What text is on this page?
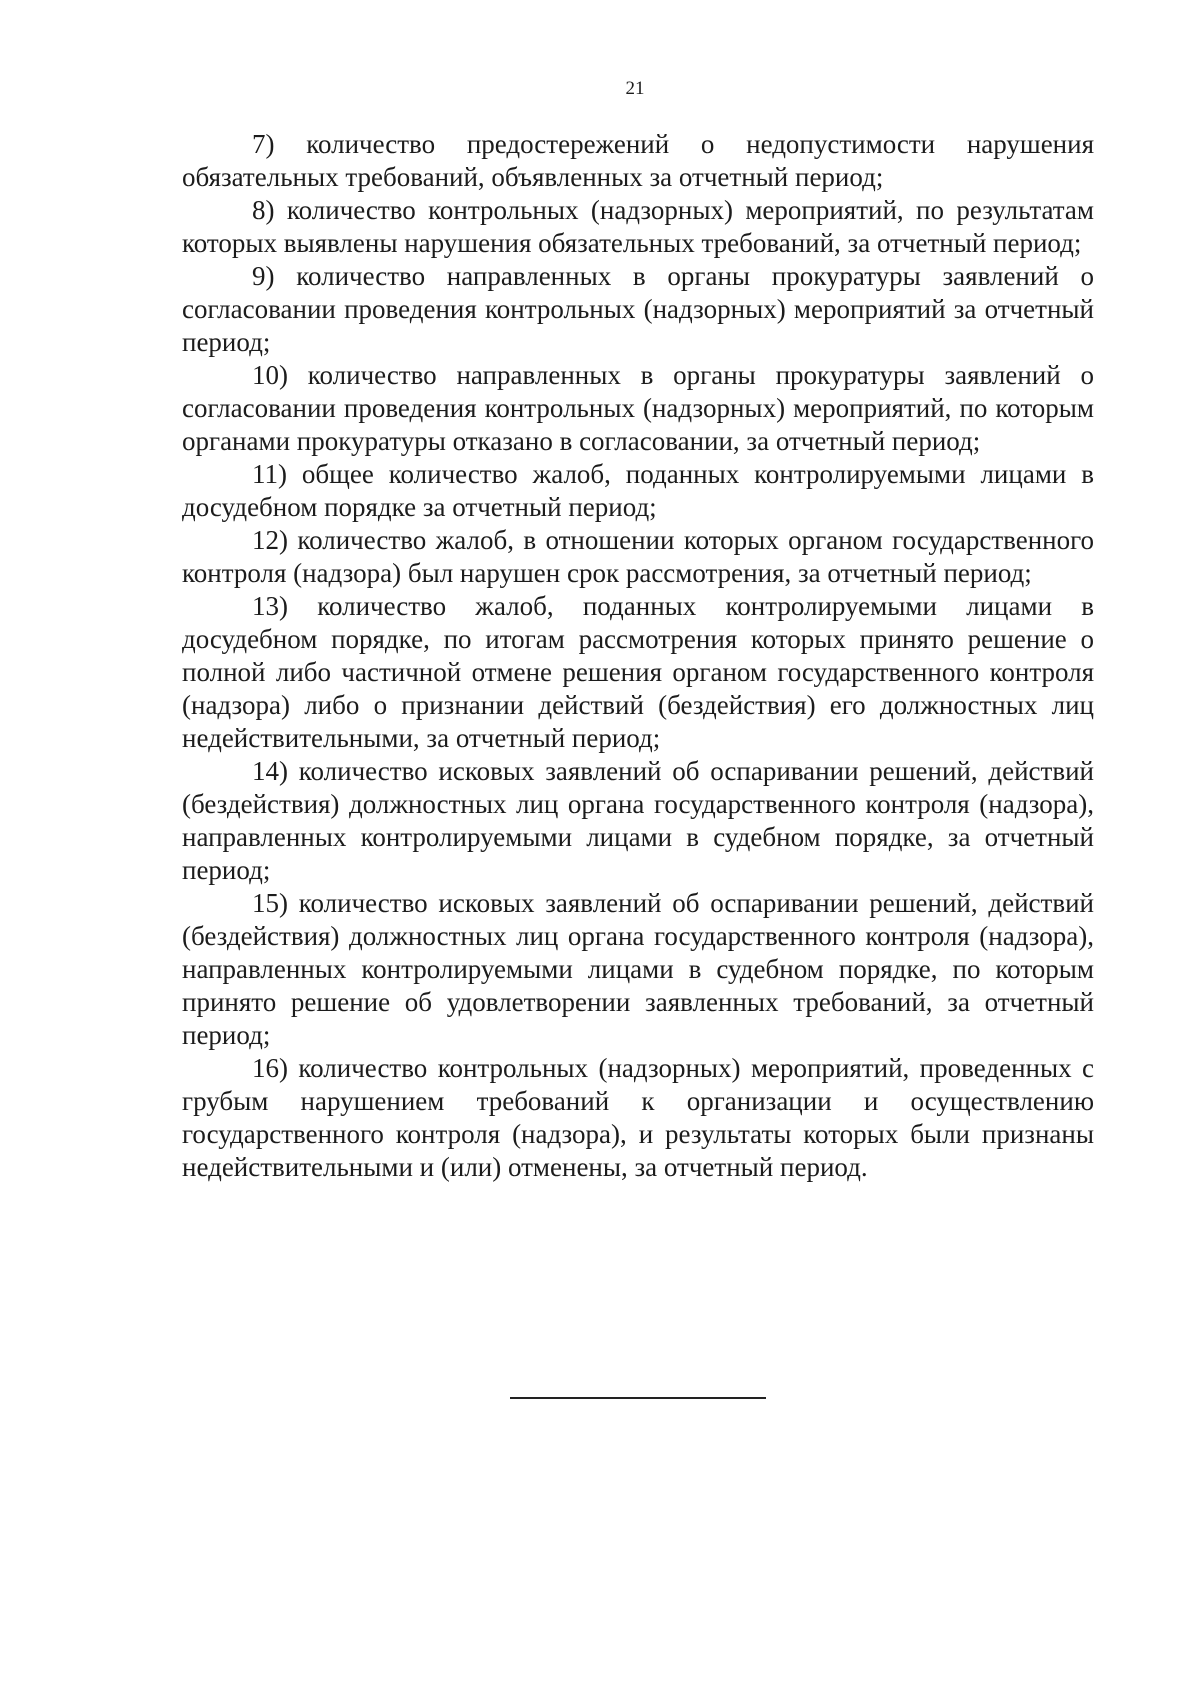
21

7) количество предостережений о недопустимости нарушения обязательных требований, объявленных за отчетный период;

8) количество контрольных (надзорных) мероприятий, по результатам которых выявлены нарушения обязательных требований, за отчетный период;

9) количество направленных в органы прокуратуры заявлений о согласовании проведения контрольных (надзорных) мероприятий за отчетный период;

10) количество направленных в органы прокуратуры заявлений о согласовании проведения контрольных (надзорных) мероприятий, по которым органами прокуратуры отказано в согласовании, за отчетный период;

11) общее количество жалоб, поданных контролируемыми лицами в досудебном порядке за отчетный период;

12) количество жалоб, в отношении которых органом государственного контроля (надзора) был нарушен срок рассмотрения, за отчетный период;

13) количество жалоб, поданных контролируемыми лицами в досудебном порядке, по итогам рассмотрения которых принято решение о полной либо частичной отмене решения органом государственного контроля (надзора) либо о признании действий (бездействия) его должностных лиц недействительными, за отчетный период;

14) количество исковых заявлений об оспаривании решений, действий (бездействия) должностных лиц органа государственного контроля (надзора), направленных контролируемыми лицами в судебном порядке, за отчетный период;

15) количество исковых заявлений об оспаривании решений, действий (бездействия) должностных лиц органа государственного контроля (надзора), направленных контролируемыми лицами в судебном порядке, по которым принято решение об удовлетворении заявленных требований, за отчетный период;

16) количество контрольных (надзорных) мероприятий, проведенных с грубым нарушением требований к организации и осуществлению государственного контроля (надзора), и результаты которых были признаны недействительными и (или) отменены, за отчетный период.
